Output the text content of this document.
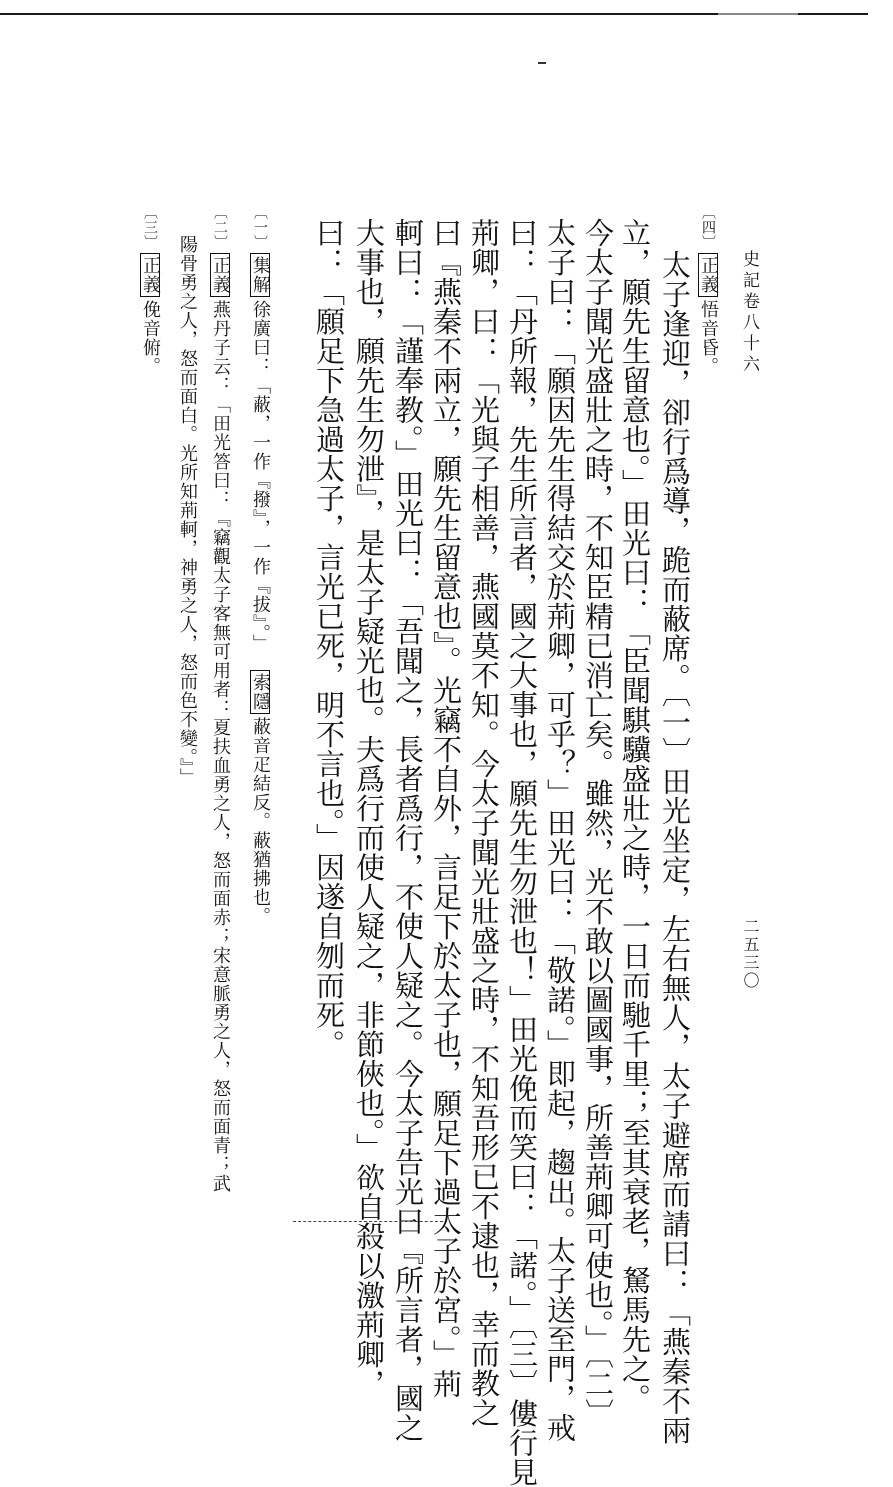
史記卷八十六
二五三〇
〔四〕正義悟音昏。
太子逢迎，卻行爲導，跪而蔽席。〔一〕田光坐定，左右無人，太子避席而請曰：「燕秦不兩
立，願先生留意也。」田光曰：「臣聞騏驥盛壯之時，一日而馳千里；至其衰老，駑馬先之。
今太子聞光盛壯之時，不知臣精已消亡矣。雖然，光不敢以圖國事，所善荊卿可使也。」〔二〕
太子曰：「願因先生得結交於荊卿，可乎？」田光曰：「敬諾。」即起，趨出。太子送至門，戒
曰：「丹所報，先生所言者，國之大事也，願先生勿泄也！」田光俛而笑曰：「諾。」〔三〕僂行見
荊卿，曰：「光與子相善，燕國莫不知。今太子聞光壯盛之時，不知吾形已不逮也，幸而教之
曰『燕秦不兩立，願先生留意也』。光竊不自外，言足下於太子也，願足下過太子於宮。」荊
軻曰：「謹奉教。」田光曰：「吾聞之，長者爲行，不使人疑之。今太子告光曰『所言者，國之
大事也，願先生勿泄』，是太子疑光也。夫爲行而使人疑之，非節俠也。」欲自殺以激荊卿，
曰：「願足下急過太子，言光已死，明不言也。」因遂自刎而死。
〔一〕集解徐廣曰：「蔽，一作『撥』，一作『拔』。」索隱蔽音疋結反。蔽猶拂也。
〔二〕正義燕丹子云：「田光答曰：『竊觀太子客無可用者：夏扶血勇之人，怒而面赤；宋意脈勇之人，怒而面青；武
陽骨勇之人，怒而面白。光所知荊軻，神勇之人，怒而色不變。』」
〔三〕正義俛音俯。
